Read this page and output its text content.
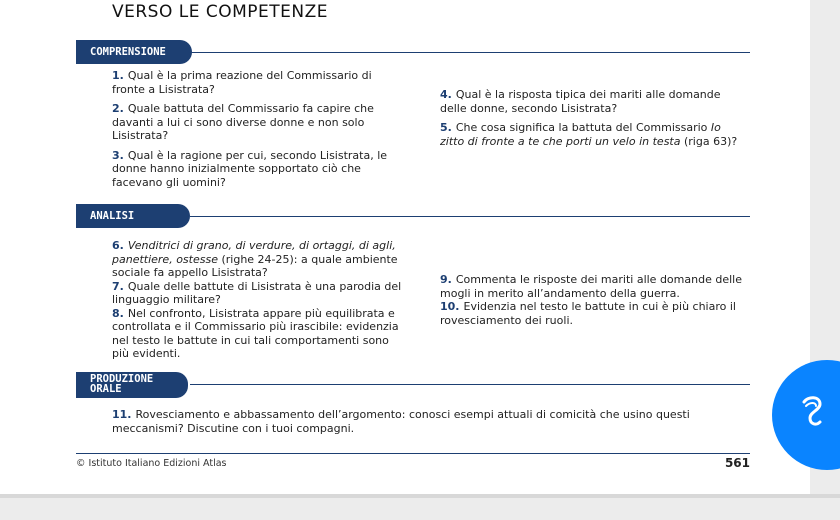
VERSO LE COMPETENZE
COMPRENSIONE

1. Qual è la prima reazione del Commissario di fronte a Lisistrata?

2. Quale battuta del Commissario fa capire che davanti a lui ci sono diverse donne e non solo Lisistrata?

3. Qual è la ragione per cui, secondo Lisistrata, le donne hanno inizialmente sopportato ciò che facevano gli uomini?

4. Qual è la risposta tipica dei mariti alle domande delle donne, secondo Lisistrata?

5. Che cosa significa la battuta del Commissario Io zitto di fronte a te che porti un velo in testa (riga 63)?

ANALISI

6. Venditrici di grano, di verdure, di ortaggi, di agli, panettiere, ostesse (righe 24-25): a quale ambiente sociale fa appello Lisistrata?

7. Quale delle battute di Lisistrata è una parodia del linguaggio militare?

8. Nel confronto, Lisistrata appare più equilibrata e controllata e il Commissario più irascibile: evidenzia nel testo le battute in cui tali comportamenti sono più evidenti.

9. Commenta le risposte dei mariti alle domande delle mogli in merito all’andamento della guerra.

10. Evidenzia nel testo le battute in cui è più chiaro il rovesciamento dei ruoli.

PRODUZIONE
ORALE

11. Rovesciamento e abbassamento dell’argomento: conosci esempi attuali di comicità che usino questi meccanismi? Discutine con i tuoi compagni.

© Istituto Italiano Edizioni Atlas	561
